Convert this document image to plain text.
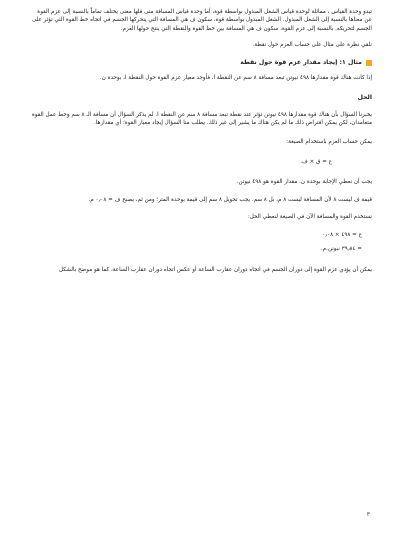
تبدو وحدة القياس ، مماثلة لوحدة قياس الشغل المبذول بواسطة قوة، أما وحدة قياس المسافة متى فلها معنى يختلف تماماً بالنسبة إلى عزم القوة عن معناها بالنسبة إلى الشغل المبذول. الشغل المبذول بواسطة قوة، سكون ف هي المسافة التي يتحركها الجسم في اتجاه خط القوة التي تؤثر على الجسم لتحريكه. بالنسبة إلى عزم القوة، سكون ف هي المسافة بين خط القوة والنقطة التي ينتج حولها العزم.

نلقي نظرة على مثال على حساب العزم حول نقطة.

مثال ١: إيجاد مقدار عزم قوة حول نقطة

إذا كانت هناك قوة مقدارها ٤٩٨ نيوتن تبعد مسافة ٨ سم عن النقطة ا، فأوجد معيار عزم القوة حول النقطة ا، بوحدة ن.

الحل

يخبرنا السؤال بأن هناك قوة مقدارها ٤٩٨ نيوتن تؤثر عند نقطة تبعد مسافة ٨ سم عن النقطة ا. لم يذكر السؤال أن مسافة الـ ٨ سم وخط عمل القوة متعامدان، لكن يمكن افتراض ذلك ما لم يكن هناك ما يشير إلى غير ذلك. يطلب منا السؤال إيجاد معيار القوة؛ أي مقدارها.

يمكن حساب العزم باستخدام الصيغة:

ع = ق × ف.

يجب أن نعطي الإجابة بوحدة ن. مقدار القوة هو ٤٩٨ نيوتن.

قيمة ف ليست ٨ لأن المسافة ليست ٨ م، بل ٨ سم. يجب تحويل ٨ سم إلى قيمة بوحدة المتر؛ ومن ثم، يصبح ف = ٠٫٠٨ م.

نستخدم القوة والمسافة الآن في الصيغة لنعطي الحل:

ع = ٤٩٨ × ٠٫٠٨

= ٣٩٫٨٤ نيوتن.م.

يمكن أن يؤدي عزم القوة إلى دوران الجسم في اتجاه دوران عقارب الساعة أو عكس اتجاه دوران عقارب الساعة، كما هو موضح بالشكل

٣
